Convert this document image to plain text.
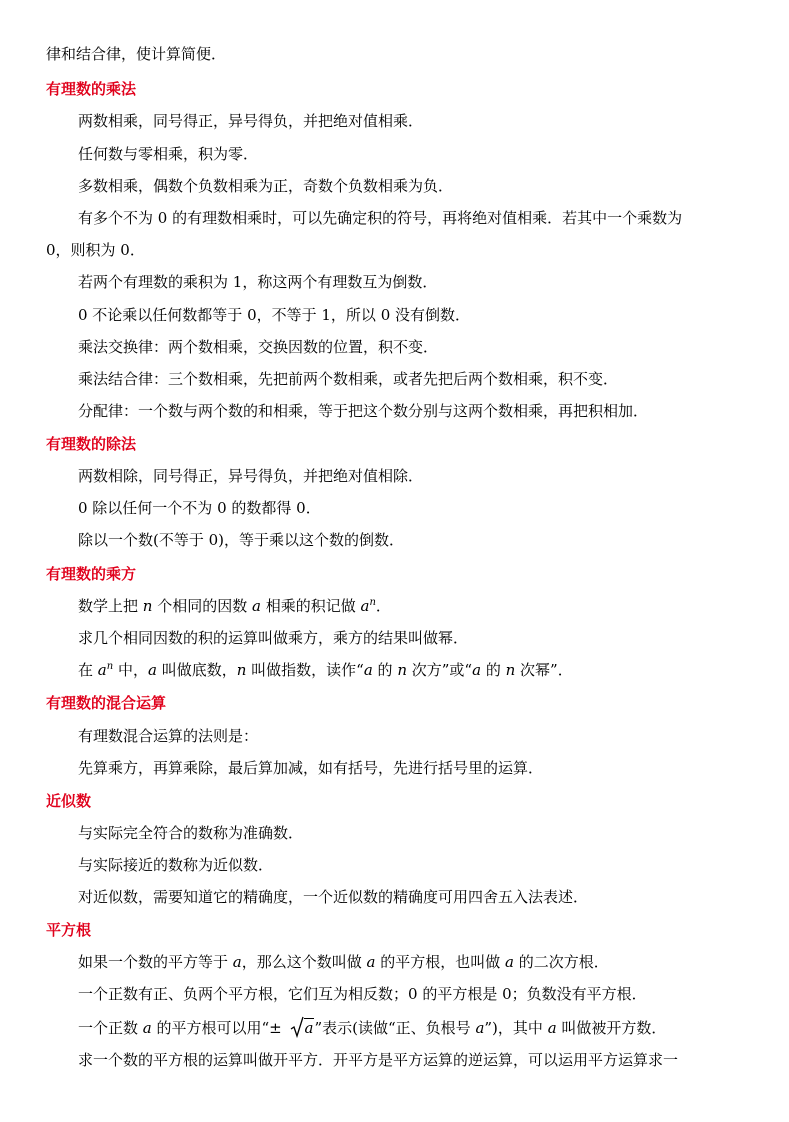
律和结合律，使计算简便．
有理数的乘法
两数相乘，同号得正，异号得负，并把绝对值相乘．
任何数与零相乘，积为零．
多数相乘，偶数个负数相乘为正，奇数个负数相乘为负．
有多个不为 0 的有理数相乘时，可以先确定积的符号，再将绝对值相乘．若其中一个乘数为
0，则积为 0．
若两个有理数的乘积为 1，称这两个有理数互为倒数．
0 不论乘以任何数都等于 0，不等于 1，所以 0 没有倒数．
乘法交换律：两个数相乘，交换因数的位置，积不变．
乘法结合律：三个数相乘，先把前两个数相乘，或者先把后两个数相乘，积不变．
分配律：一个数与两个数的和相乘，等于把这个数分别与这两个数相乘，再把积相加．
有理数的除法
两数相除，同号得正，异号得负，并把绝对值相除．
0 除以任何一个不为 0 的数都得 0．
除以一个数(不等于 0)，等于乘以这个数的倒数．
有理数的乘方
数学上把 n 个相同的因数 a 相乘的积记做 $a^n$．
求几个相同因数的积的运算叫做乘方，乘方的结果叫做幂．
在 $a^n$ 中，a 叫做底数，n 叫做指数，读作“a 的 n 次方”或“a 的 n 次幂”．
有理数的混合运算
有理数混合运算的法则是：
先算乘方，再算乘除，最后算加减，如有括号，先进行括号里的运算．
近似数
与实际完全符合的数称为准确数．
与实际接近的数称为近似数．
对近似数，需要知道它的精确度，一个近似数的精确度可用四舍五入法表述．
平方根
如果一个数的平方等于 a，那么这个数叫做 a 的平方根，也叫做 a 的二次方根．
一个正数有正、负两个平方根，它们互为相反数；0 的平方根是 0；负数没有平方根．
一个正数 a 的平方根可以用“±
a”表示(读做“正、负根号 a”)，其中 a 叫做被开方数．
求一个数的平方根的运算叫做开平方．开平方是平方运算的逆运算，可以运用平方运算求一
